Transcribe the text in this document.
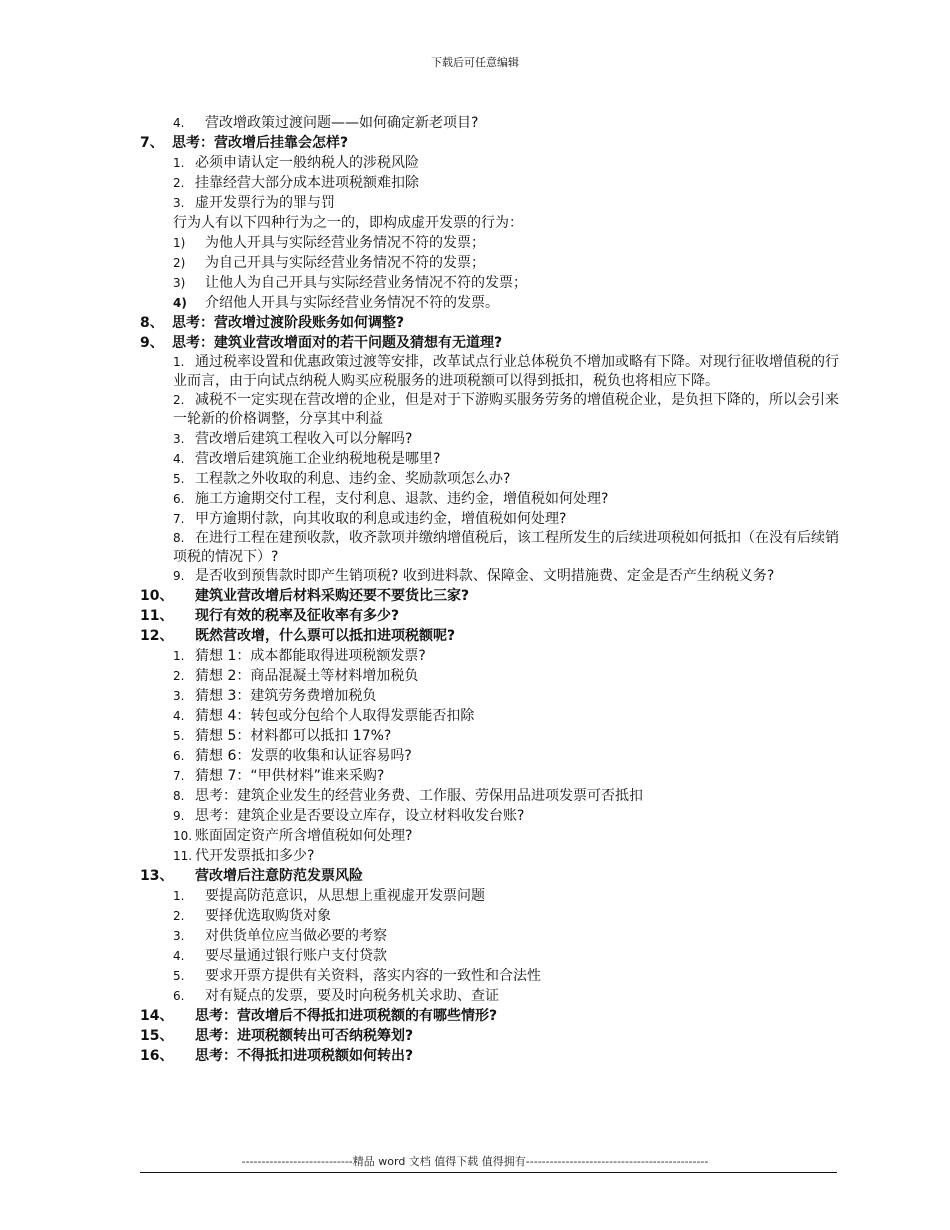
下载后可任意编辑
4. 营改增政策过渡问题——如何确定新老项目?
7、 思考：营改增后挂靠会怎样?
1. 必须申请认定一般纳税人的涉税风险
2. 挂靠经营大部分成本进项税额难扣除
3. 虚开发票行为的罪与罚
行为人有以下四种行为之一的，即构成虚开发票的行为：
1) 为他人开具与实际经营业务情况不符的发票；
2) 为自己开具与实际经营业务情况不符的发票；
3) 让他人为自己开具与实际经营业务情况不符的发票；
4) 介绍他人开具与实际经营业务情况不符的发票。
8、 思考：营改增过渡阶段账务如何调整?
9、 思考：建筑业营改增面对的若干问题及猜想有无道理?
1. 通过税率设置和优惠政策过渡等安排，改革试点行业总体税负不增加或略有下降。对现行征收增值税的行业而言，由于向试点纳税人购买应税服务的进项税额可以得到抵扣，税负也将相应下降。
2. 减税不一定实现在营改增的企业，但是对于下游购买服务劳务的增值税企业，是负担下降的，所以会引来一轮新的价格调整，分享其中利益
3. 营改增后建筑工程收入可以分解吗?
4. 营改增后建筑施工企业纳税地税是哪里?
5. 工程款之外收取的利息、违约金、奖励款项怎么办?
6. 施工方逾期交付工程，支付利息、退款、违约金，增值税如何处理?
7. 甲方逾期付款，向其收取的利息或违约金，增值税如何处理?
8. 在进行工程在建预收款，收齐款项并缴纳增值税后，该工程所发生的后续进项税如何抵扣（在没有后续销项税的情况下）?
9. 是否收到预售款时即产生销项税? 收到进料款、保障金、文明措施费、定金是否产生纳税义务?
10、 建筑业营改增后材料采购还要不要货比三家?
11、 现行有效的税率及征收率有多少?
12、 既然营改增，什么票可以抵扣进项税额呢?
1. 猜想 1：成本都能取得进项税额发票?
2. 猜想 2：商品混凝土等材料增加税负
3. 猜想 3：建筑劳务费增加税负
4. 猜想 4：转包或分包给个人取得发票能否扣除
5. 猜想 5：材料都可以抵扣 17%?
6. 猜想 6：发票的收集和认证容易吗?
7. 猜想 7：“甲供材料”谁来采购?
8. 思考：建筑企业发生的经营业务费、工作服、劳保用品进项发票可否抵扣
9. 思考：建筑企业是否要设立库存，设立材料收发台账?
10. 账面固定资产所含增值税如何处理?
11. 代开发票抵扣多少?
13、 营改增后注意防范发票风险
1. 要提高防范意识，从思想上重视虚开发票问题
2. 要择优选取购货对象
3. 对供货单位应当做必要的考察
4. 要尽量通过银行账户支付贷款
5. 要求开票方提供有关资料，落实内容的一致性和合法性
6. 对有疑点的发票，要及时向税务机关求助、查证
14、 思考：营改增后不得抵扣进项税额的有哪些情形?
15、 思考：进项税额转出可否纳税筹划?
16、 思考：不得抵扣进项税额如何转出?
----------------------------精品 word 文档 值得下载 值得拥有----------------------------------------------
